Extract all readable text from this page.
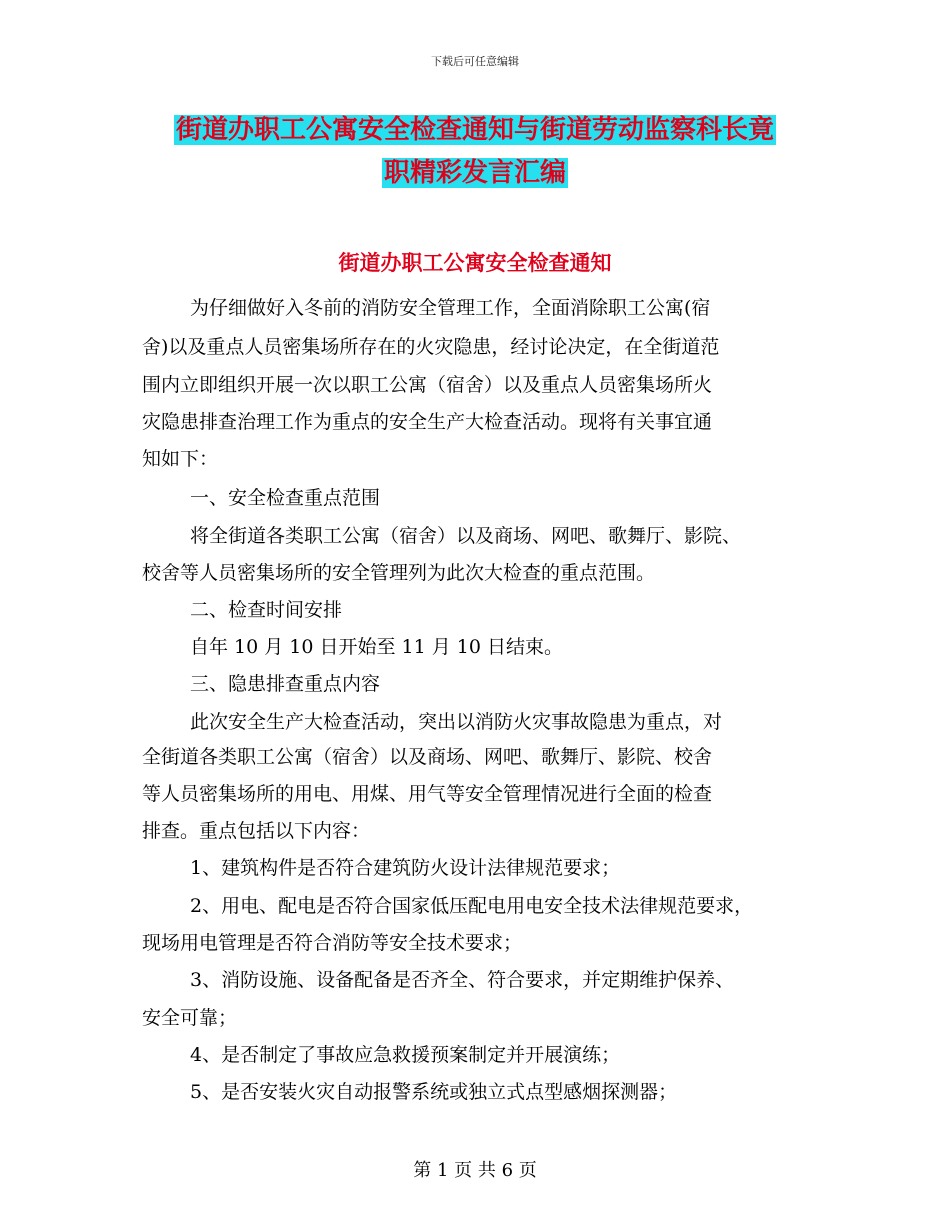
下载后可任意编辑
街道办职工公寓安全检查通知与街道劳动监察科长竟
职精彩发言汇编
街道办职工公寓安全检查通知
为仔细做好入冬前的消防安全管理工作，全面消除职工公寓(宿
舍)以及重点人员密集场所存在的火灾隐患，经讨论决定，在全街道范
围内立即组织开展一次以职工公寓（宿舍）以及重点人员密集场所火
灾隐患排查治理工作为重点的安全生产大检查活动。现将有关事宜通
知如下：
一、安全检查重点范围
将全街道各类职工公寓（宿舍）以及商场、网吧、歌舞厅、影院、
校舍等人员密集场所的安全管理列为此次大检查的重点范围。
二、检查时间安排
自年 10 月 10 日开始至 11 月 10 日结束。
三、隐患排查重点内容
此次安全生产大检查活动，突出以消防火灾事故隐患为重点，对
全街道各类职工公寓（宿舍）以及商场、网吧、歌舞厅、影院、校舍
等人员密集场所的用电、用煤、用气等安全管理情况进行全面的检查
排查。重点包括以下内容：
1、建筑构件是否符合建筑防火设计法律规范要求；
2、用电、配电是否符合国家低压配电用电安全技术法律规范要求，
现场用电管理是否符合消防等安全技术要求；
3、消防设施、设备配备是否齐全、符合要求，并定期维护保养、
安全可靠；
4、是否制定了事故应急救援预案制定并开展演练；
5、是否安装火灾自动报警系统或独立式点型感烟探测器；
第 1 页 共 6 页
